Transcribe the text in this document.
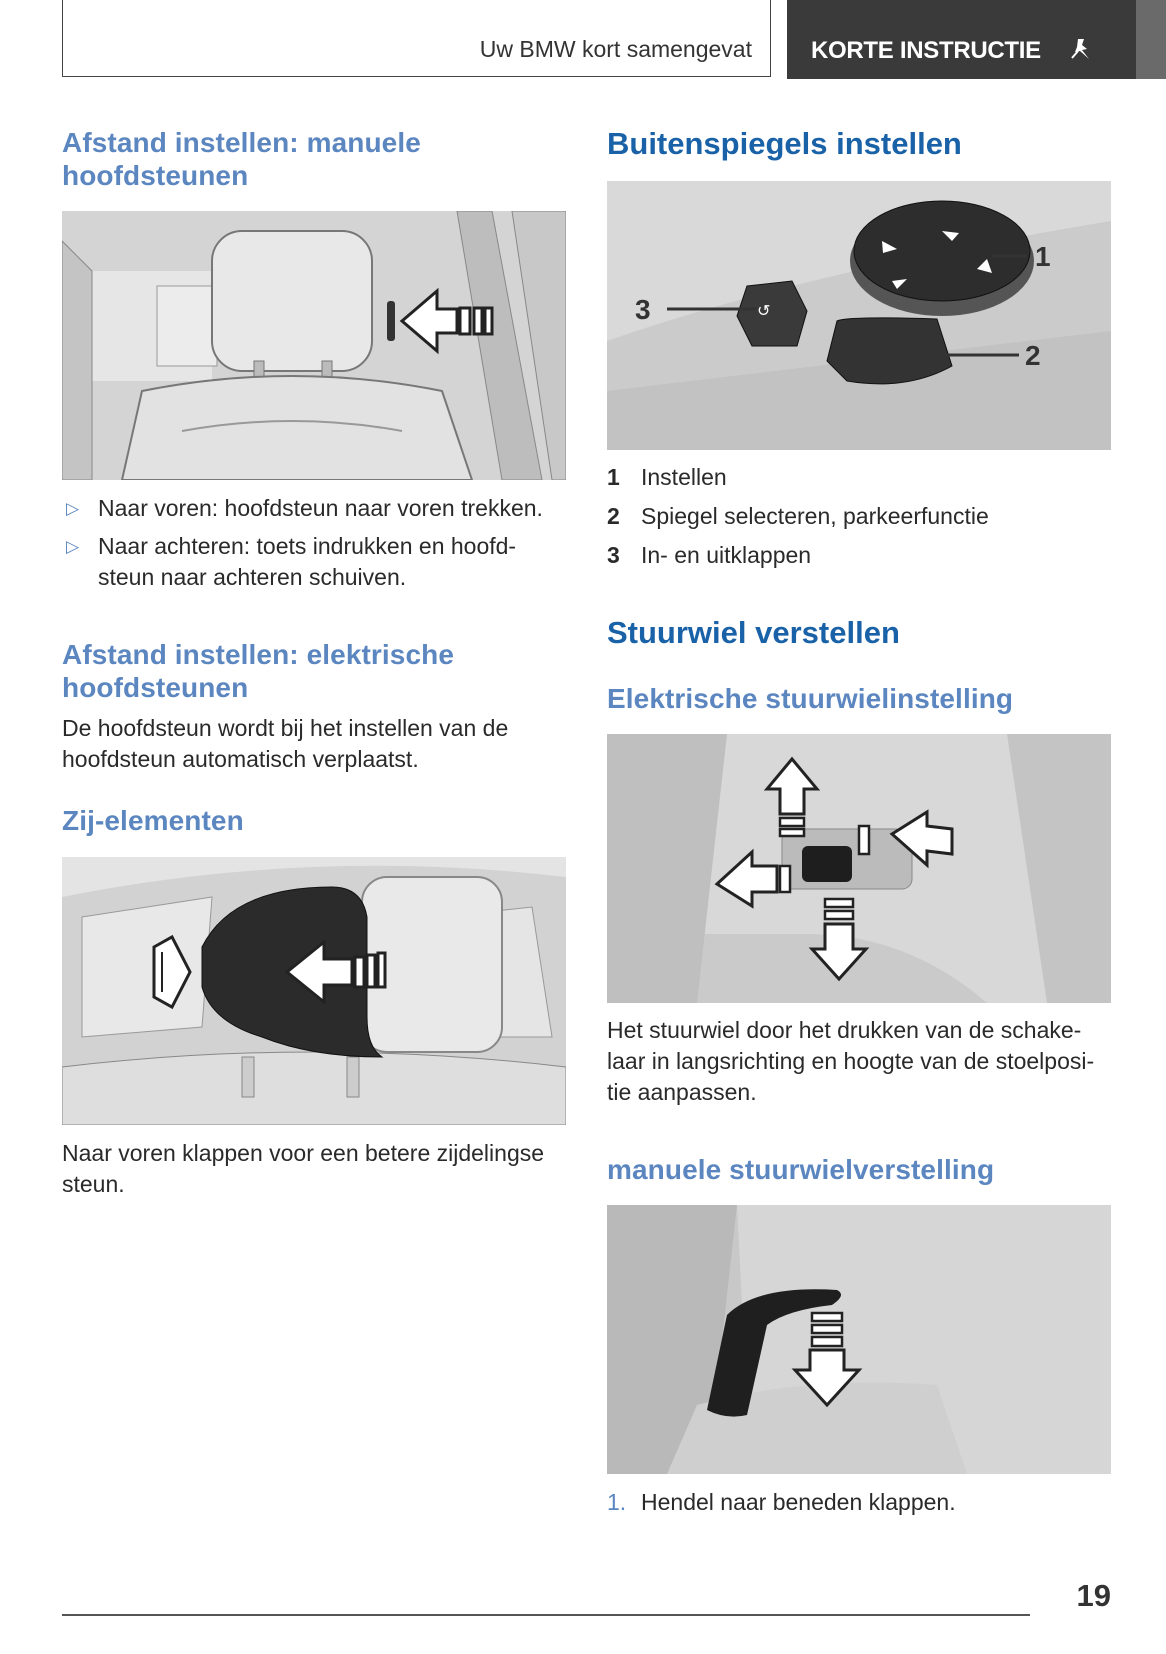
Uw BMW kort samengevat	KORTE INSTRUCTIE
Afstand instellen: manuele
hoofdsteunen
▷ Naar voren: hoofdsteun naar voren trekken.
▷ Naar achteren: toets indrukken en hoofd-
steun naar achteren schuiven.
Afstand instellen: elektrische
hoofdsteunen
De hoofdsteun wordt bij het instellen van de
hoofdsteun automatisch verplaatst.
Zij-elementen
Naar voren klappen voor een betere zijdelingse
steun.
Buitenspiegels instellen
↺
1
2
3
1 Instellen
2 Spiegel selecteren, parkeerfunctie
3 In- en uitklappen
Stuurwiel verstellen
Elektrische stuurwielinstelling
Het stuurwiel door het drukken van de schake-
laar in langsrichting en hoogte van de stoelposi-
tie aanpassen.
manuele stuurwielverstelling
1. Hendel naar beneden klappen.
19
